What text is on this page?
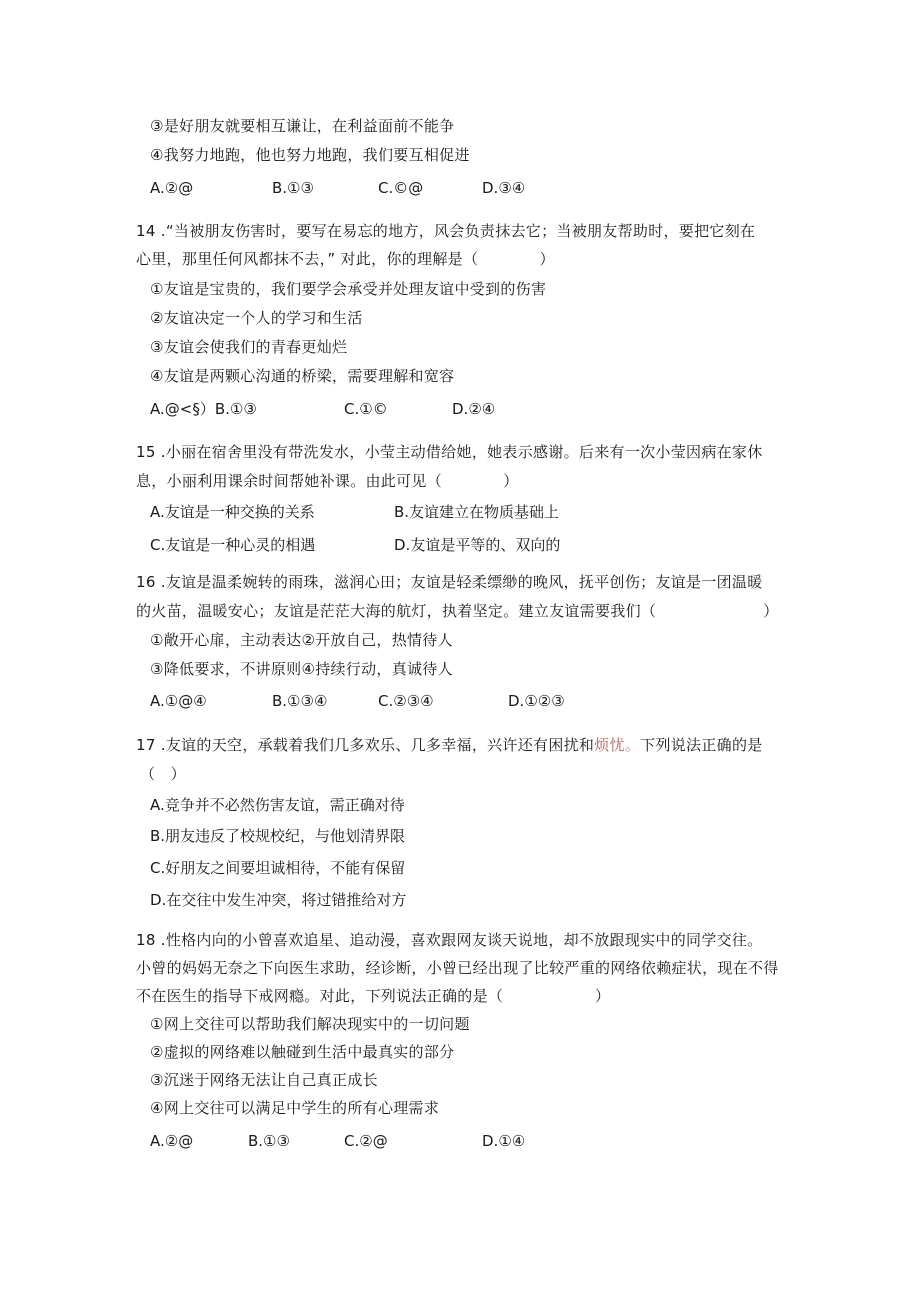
③是好朋友就要相互谦让，在利益面前不能争
④我努力地跑，他也努力地跑，我们要互相促进
A.②@	B.①③	C.©@	D.③④
14 .“当被朋友伤害时，要写在易忘的地方，风会负责抹去它；当被朋友帮助时，要把它刻在
心里，那里任何风都抹不去，” 对此，你的理解是（　　　　）
①友谊是宝贵的，我们要学会承受并处理友谊中受到的伤害
②友谊决定一个人的学习和生活
③友谊会使我们的青春更灿烂
④友谊是两颗心沟通的桥梁，需要理解和宽容
A.@<§）B.①③	C.①©	D.②④
15 .小丽在宿舍里没有带洗发水，小莹主动借给她，她表示感谢。后来有一次小莹因病在家休
息，小丽利用课余时间帮她补课。由此可见（　　　　）
A.友谊是一种交换的关系	B.友谊建立在物质基础上
C.友谊是一种心灵的相遇	D.友谊是平等的、双向的
16 .友谊是温柔婉转的雨珠，滋润心田；友谊是轻柔缥缈的晚风，抚平创伤；友谊是一团温暖
的火苗，温暖安心；友谊是茫茫大海的航灯，执着坚定。建立友谊需要我们（　　　　　　　）
①敞开心扉，主动表达②开放自己，热情待人
③降低要求，不讲原则④持续行动，真诚待人
A.①@④	B.①③④	C.②③④	D.①②③
17 .友谊的天空，承载着我们几多欢乐、几多幸福，兴许还有困扰和烦忧。下列说法正确的是
（　）
A.竞争并不必然伤害友谊，需正确对待
B.朋友违反了校规校纪，与他划清界限
C.好朋友之间要坦诚相待，不能有保留
D.在交往中发生冲突，将过错推给对方
18 .性格内向的小曾喜欢追星、追动漫，喜欢跟网友谈天说地，却不放跟现实中的同学交往。
小曾的妈妈无奈之下向医生求助，经诊断，小曾已经出现了比较严重的网络依赖症状，现在不得
不在医生的指导下戒网瘾。对此，下列说法正确的是（　　　　　　）
①网上交往可以帮助我们解决现实中的一切问题
②虚拟的网络难以触碰到生活中最真实的部分
③沉迷于网络无法让自己真正成长
④网上交往可以满足中学生的所有心理需求
A.②@	B.①③	C.②@	D.①④
